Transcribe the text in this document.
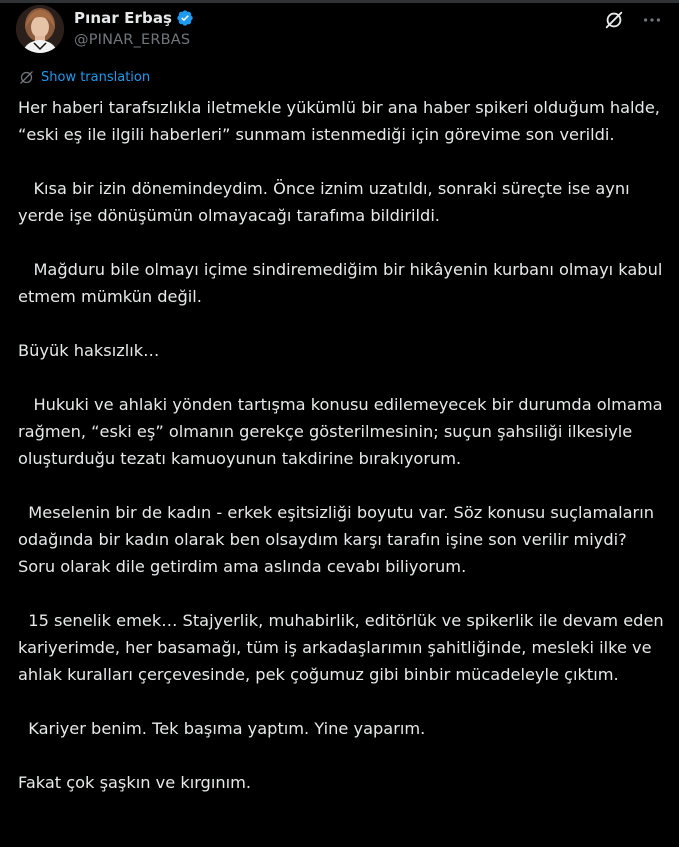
Pınar Erbaş
@PINAR_ERBAS
Show translation

Her haberi tarafsızlıkla iletmekle yükümlü bir ana haber spikeri olduğum halde, “eski eş ile ilgili haberleri” sunmam istenmediği için görevime son verildi.

Kısa bir izin dönemindeydim. Önce iznim uzatıldı, sonraki süreçte ise aynı yerde işe dönüşümün olmayacağı tarafıma bildirildi.

Mağduru bile olmayı içime sindiremediğim bir hikâyenin kurbanı olmayı kabul etmem mümkün değil.

Büyük haksızlık…

Hukuki ve ahlaki yönden tartışma konusu edilemeyecek bir durumda olmama rağmen, “eski eş” olmanın gerekçe gösterilmesinin; suçun şahsiliği ilkesiyle oluşturduğu tezatı kamuoyunun takdirine bırakıyorum.

Meselenin bir de kadın - erkek eşitsizliği boyutu var. Söz konusu suçlamaların odağında bir kadın olarak ben olsaydım karşı tarafın işine son verilir miydi? Soru olarak dile getirdim ama aslında cevabı biliyorum.

15 senelik emek… Stajyerlik, muhabirlik, editörlük ve spikerlik ile devam eden kariyerimde, her basamağı, tüm iş arkadaşlarımın şahitliğinde, mesleki ilke ve ahlak kuralları çerçevesinde, pek çoğumuz gibi binbir mücadeleyle çıktım.

Kariyer benim. Tek başıma yaptım. Yine yaparım.

Fakat çok şaşkın ve kırgınım.
